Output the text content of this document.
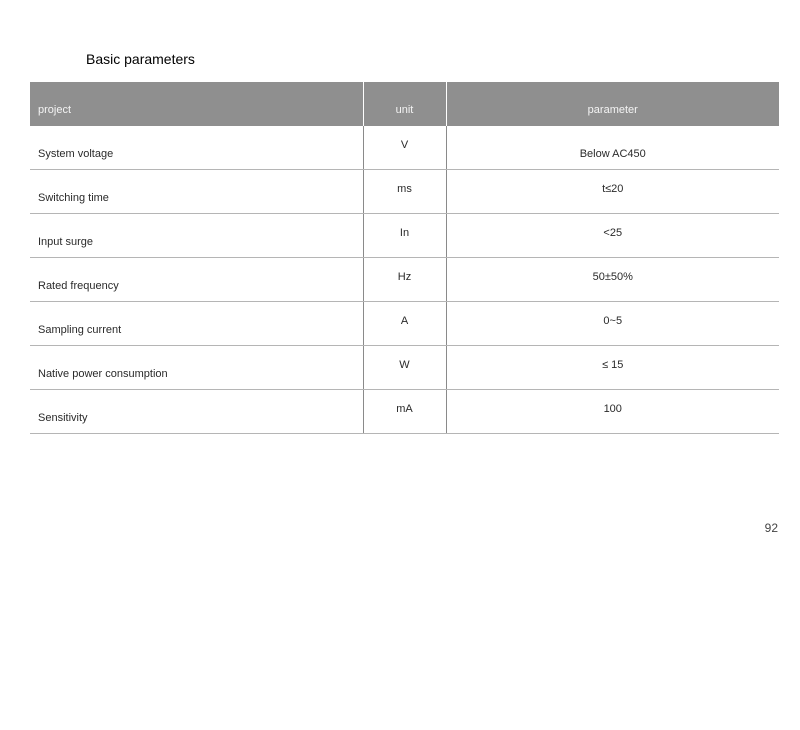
Basic parameters
project	unit	parameter

System voltage	V	Below AC450

Switching time	ms	t≤20

Input surge	In	<25

Rated frequency	Hz	50±50%

Sampling current	A	0~5

Native power consumption	W	≤ 15

Sensitivity	mA	100
92
